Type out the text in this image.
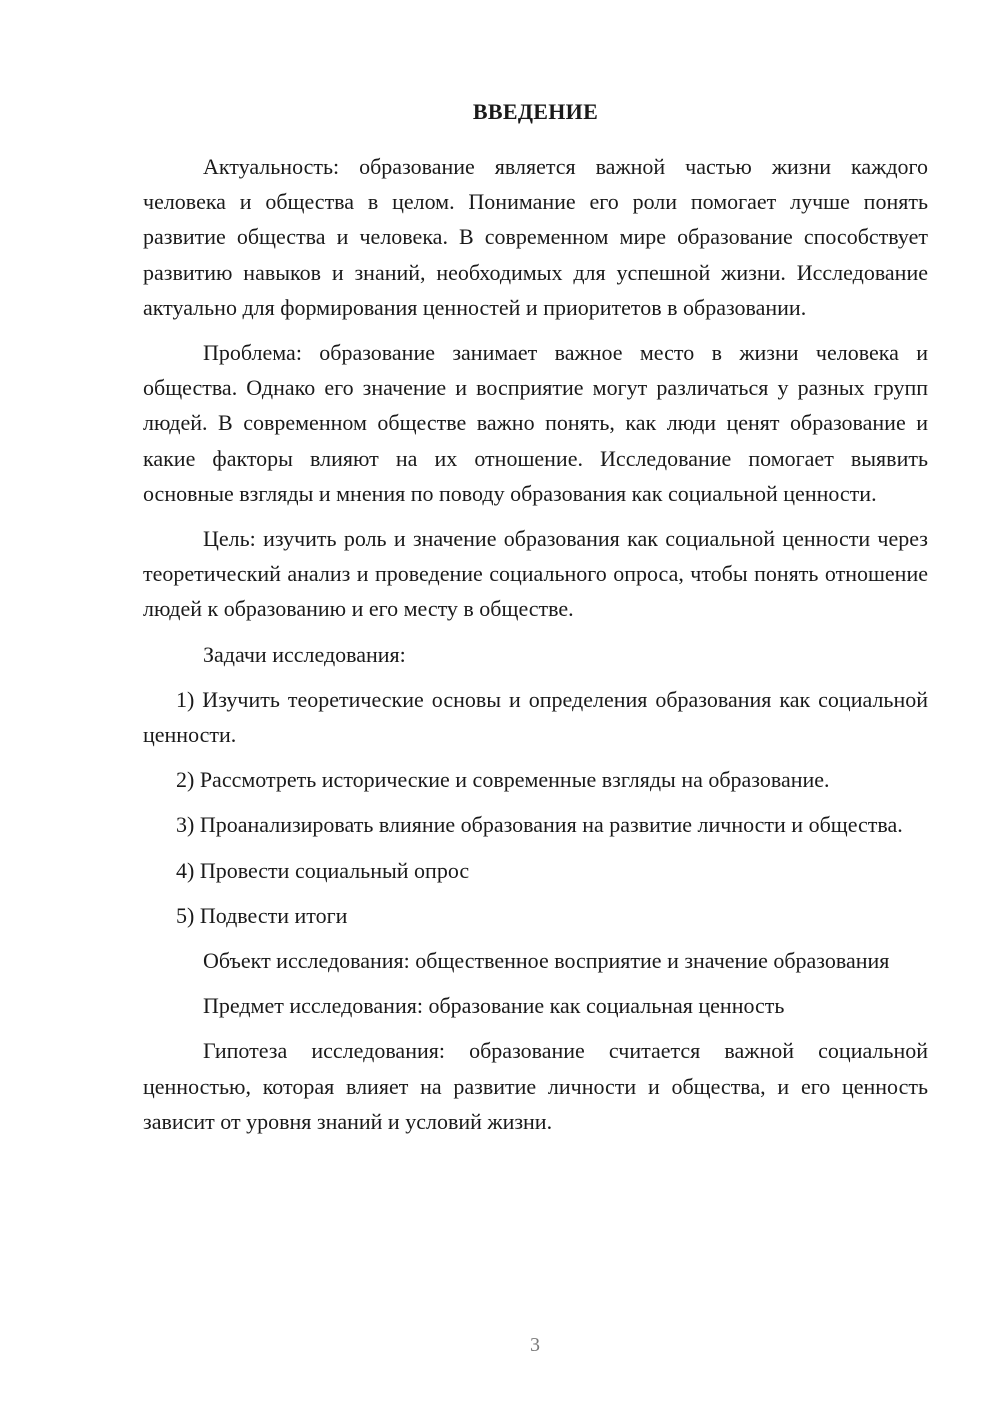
ВВЕДЕНИЕ

Актуальность: образование является важной частью жизни каждого человека и общества в целом. Понимание его роли помогает лучше понять развитие общества и человека. В современном мире образование способствует развитию навыков и знаний, необходимых для успешной жизни. Исследование актуально для формирования ценностей и приоритетов в образовании.

Проблема: образование занимает важное место в жизни человека и общества. Однако его значение и восприятие могут различаться у разных групп людей. В современном обществе важно понять, как люди ценят образование и какие факторы влияют на их отношение. Исследование помогает выявить основные взгляды и мнения по поводу образования как социальной ценности.

Цель: изучить роль и значение образования как социальной ценности через теоретический анализ и проведение социального опроса, чтобы понять отношение людей к образованию и его месту в обществе.

Задачи исследования:

1) Изучить теоретические основы и определения образования как социальной ценности.

2) Рассмотреть исторические и современные взгляды на образование.

3) Проанализировать влияние образования на развитие личности и общества.

4) Провести социальный опрос

5) Подвести итоги

Объект исследования: общественное восприятие и значение образования

Предмет исследования: образование как социальная ценность

Гипотеза исследования: образование считается важной социальной ценностью, которая влияет на развитие личности и общества, и его ценность зависит от уровня знаний и условий жизни.

3
